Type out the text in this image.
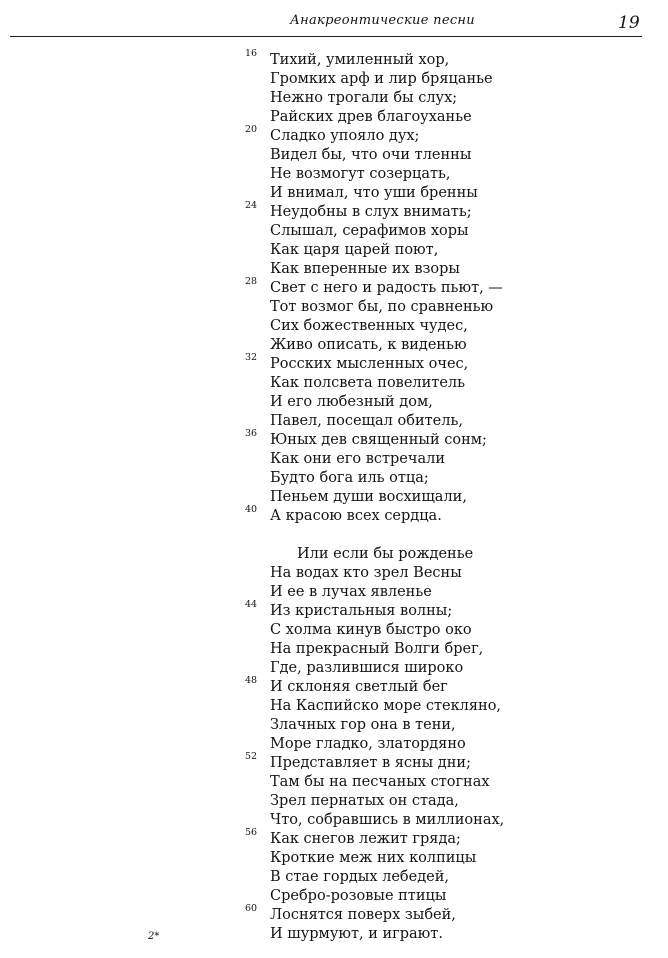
Анакреонтические песни	19
Тихий, умиленный хор,
Громких арф и лир бряцанье
Нежно трогали бы слух;
Райских древ благоуханье
Сладко упояло дух;
Видел бы, что очи тленны
Не возмогут созерцать,
И внимал, что уши бренны
Неудобны в слух внимать;
Слышал, серафимов хоры
Как царя царей поют,
Как вперенные их взоры
Свет с него и радость пьют, —
Тот возмог бы, по сравненью
Сих божественных чудес,
Живо описать, к виденью
Росских мысленных очес,
Как полсвета повелитель
И его любезный дом,
Павел, посещал обитель,
Юных дев священный сонм;
Как они его встречали
Будто бога иль отца;
Пеньем души восхищали,
А красою всех сердца.
Или если бы рожденье
На водах кто зрел Весны
И ее в лучах явленье
Из кристальныя волны;
С холма кинув быстро око
На прекрасный Волги брег,
Где, разлившися широко
И склоняя светлый бег
На Каспийско море стекляно,
Злачных гор она в тени,
Море гладко, златордяно
Представляет в ясны дни;
Там бы на песчаных стогнах
Зрел пернатых он стада,
Что, собравшись в миллионах,
Как снегов лежит гряда;
Кроткие меж них колпицы
В стае гордых лебедей,
Сребро-розовые птицы
Лоснятся поверх зыбей,
И шурмуют, и играют.
16
20
24
28
32
36
40
44
48
52
56
60
2*
